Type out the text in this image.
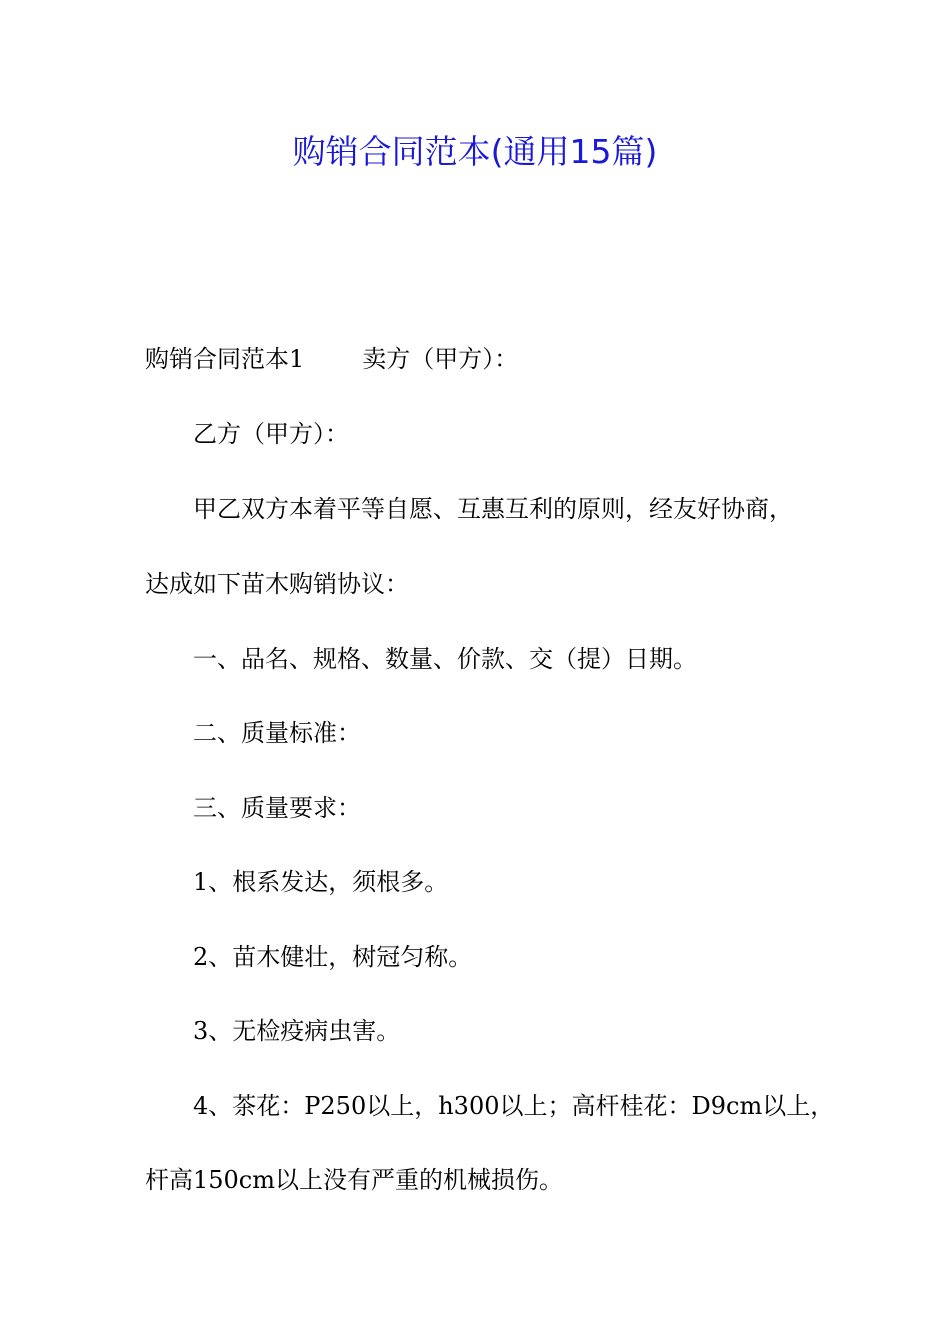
购销合同范本(通用15篇)
购销合同范本1 卖方（甲方）：
乙方（甲方）：
甲乙双方本着平等自愿、互惠互利的原则，经友好协商，
达成如下苗木购销协议：
一、品名、规格、数量、价款、交（提）日期。
二、质量标准：
三、质量要求：
1、根系发达，须根多。
2、苗木健壮，树冠匀称。
3、无检疫病虫害。
4、茶花：P250以上，h300以上；高杆桂花：D9cm以上，
杆高150cm以上没有严重的机械损伤。
